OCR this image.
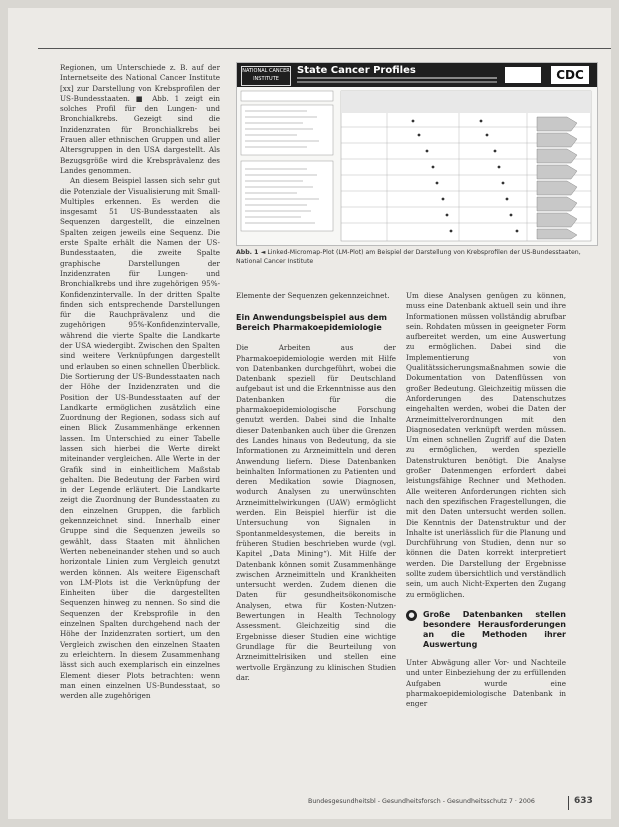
Regionen, um Unterschiede z. B. auf der Internetseite des National Cancer Institute [xx] zur Darstellung von Krebsprofilen der US-Bundesstaaten. ■ Abb. 1 zeigt ein solches Profil für den Lungen- und Bronchialkrebs. Gezeigt sind die Inzidenzraten für Bronchialkrebs bei Frauen aller ethnischen Gruppen und aller Altersgruppen in den USA dargestellt. Als Bezugsgröße wird die Krebsprävalenz des Landes genommen.

An diesem Beispiel lassen sich sehr gut die Potenziale der Visualisierung mit Small-Multiples erkennen. Es werden die insgesamt 51 US-Bundesstaaten als Sequenzen dargestellt, die einzelnen Spalten zeigen jeweils eine Sequenz. Die erste Spalte erhält die Namen der US-Bundesstaaten, die zweite Spalte graphische Darstellungen der Inzidenzraten für Lungen- und Bronchialkrebs und ihre zugehörigen 95%-Konfidenzintervalle. In der dritten Spalte finden sich entsprechende Darstellungen für die Rauchprävalenz und die zugehörigen 95%-Konfidenzintervalle, während die vierte Spalte die Landkarte der USA wiedergibt. Zwischen den Spalten sind weitere Verknüpfungen dargestellt und erlauben so einen schnellen Überblick. Die Sortierung der US-Bundesstaaten nach der Höhe der Inzidenzraten und die Position der US-Bundesstaaten auf der Landkarte ermöglichen zusätzlich eine Zuordnung der Regionen, sodass sich auf einen Blick Zusammenhänge erkennen lassen. Im Unterschied zu einer Tabelle lassen sich hierbei die Werte direkt miteinander vergleichen. Alle Werte in der Grafik sind in einheitlichem Maßstab gehalten. Die Bedeutung der Farben wird in der Legende erläutert. Die Landkarte zeigt die Zuordnung der Bundesstaaten zu den einzelnen Gruppen, die farblich gekennzeichnet sind. Innerhalb einer Gruppe sind die Sequenzen jeweils so gewählt, dass Staaten mit ähnlichen Werten nebeneinander stehen und so auch horizontale Linien zum Vergleich genutzt werden können. Als weitere Eigenschaft von LM-Plots ist die Verknüpfung der Einheiten über die dargestellten Sequenzen hinweg zu nennen. So sind die Sequenzen der Krebsprofile in den einzelnen Spalten durchgehend nach der Höhe der Inzidenzraten sortiert, um den Vergleich zwischen den einzelnen Staaten zu erleichtern. In diesem Zusammenhang lässt sich auch exemplarisch ein einzelnes Element dieser Plots betrachten: wenn man einen einzelnen US-Bundesstaat, so werden alle zugehörigen

NATIONAL CANCER INSTITUTE
State Cancer Profiles	CDC
Abb. 1 ◄ Linked-Micromap-Plot (LM-Plot) am Beispiel der Darstellung von Krebsprofilen der US-Bundesstaaten, National Cancer Institute

Elemente der Sequenzen gekennzeichnet.

Ein Anwendungsbeispiel aus dem Bereich Pharmakoepidemiologie

Die Arbeiten aus der Pharmakoepidemiologie werden mit Hilfe von Datenbanken durchgeführt, wobei die Datenbank speziell für Deutschland aufgebaut ist und die Erkenntnisse aus den Datenbanken für die pharmakoepidemiologische Forschung genutzt werden. Dabei sind die Inhalte dieser Datenbanken auch über die Grenzen des Landes hinaus von Bedeutung, da sie Informationen zu Arzneimitteln und deren Anwendung liefern. Diese Datenbanken beinhalten Informationen zu Patienten und deren Medikation sowie Diagnosen, wodurch Analysen zu unerwünschten Arzneimittelwirkungen (UAW) ermöglicht werden. Ein Beispiel hierfür ist die Untersuchung von Signalen in Spontanmeldesystemen, die bereits in früheren Studien beschrieben wurde (vgl. Kapitel „Data Mining“). Mit Hilfe der Datenbank können somit Zusammenhänge zwischen Arzneimitteln und Krankheiten untersucht werden. Zudem dienen die Daten für gesundheitsökonomische Analysen, etwa für Kosten-Nutzen-Bewertungen in Health Technology Assessment. Gleichzeitig sind die Ergebnisse dieser Studien eine wichtige Grundlage für die Beurteilung von Arzneimittelrisiken und stellen eine wertvolle Ergänzung zu klinischen Studien dar.

Um diese Analysen genügen zu können, muss eine Datenbank aktuell sein und ihre Informationen müssen vollständig abrufbar sein. Rohdaten müssen in geeigneter Form aufbereitet werden, um eine Auswertung zu ermöglichen. Dabei sind die Implementierung von Qualitätssicherungsmaßnahmen sowie die Dokumentation von Datenflüssen von großer Bedeutung. Gleichzeitig müssen die Anforderungen des Datenschutzes eingehalten werden, wobei die Daten der Arzneimittelverordnungen mit den Diagnosedaten verknüpft werden müssen. Um einen schnellen Zugriff auf die Daten zu ermöglichen, werden spezielle Datenstrukturen benötigt. Die Analyse großer Datenmengen erfordert dabei leistungsfähige Rechner und Methoden. Alle weiteren Anforderungen richten sich nach den spezifischen Fragestellungen, die mit den Daten untersucht werden sollen. Die Kenntnis der Datenstruktur und der Inhalte ist unerlässlich für die Planung und Durchführung von Studien, denn nur so können die Daten korrekt interpretiert werden. Die Darstellung der Ergebnisse sollte zudem übersichtlich und verständlich sein, um auch Nicht-Experten den Zugang zu ermöglichen.

●	Große Datenbanken stellen besondere Herausforderungen an die Methoden ihrer Auswertung

Unter Abwägung aller Vor- und Nachteile und unter Einbeziehung der zu erfüllenden Aufgaben wurde eine pharmakoepidemiologische Datenbank in enger

Bundesgesundheitsbl - Gesundheitsforsch - Gesundheitsschutz 7 · 2006	633
